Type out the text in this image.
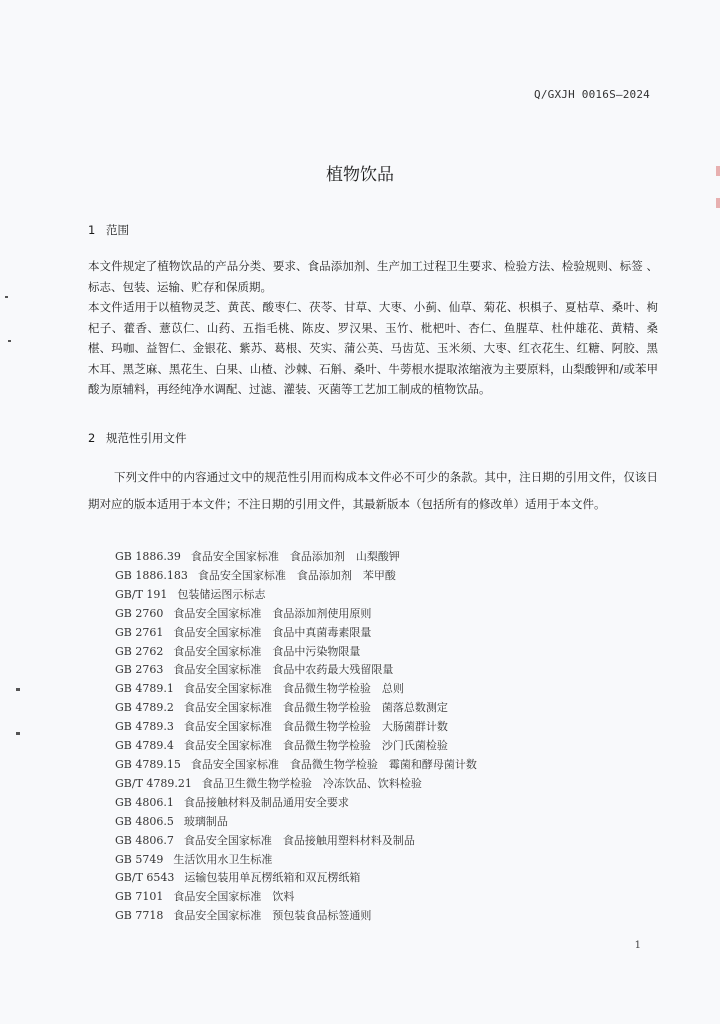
Q/GXJH 0016S—2024
植物饮品
1 范围

本文件规定了植物饮品的产品分类、要求、食品添加剂、生产加工过程卫生要求、检验方法、检验规则、标签 、标志、包装、运输、贮存和保质期。

本文件适用于以植物灵芝、黄芪、酸枣仁、茯苓、甘草、大枣、小蓟、仙草、菊花、枳椇子、夏枯草、桑叶、枸杞子、藿香、薏苡仁、山药、五指毛桃、陈皮、罗汉果、玉竹、枇杷叶、杏仁、鱼腥草、杜仲雄花、黄精、桑椹、玛咖、益智仁、金银花、紫苏、葛根、芡实、蒲公英、马齿苋、玉米须、大枣、红衣花生、红糖、阿胶、黑木耳、黑芝麻、黑花生、白果、山楂、沙棘、石斛、桑叶、牛蒡根水提取浓缩液为主要原料，山梨酸钾和/或苯甲酸为原辅料，再经纯净水调配、过滤、灌装、灭菌等工艺加工制成的植物饮品。

2 规范性引用文件

下列文件中的内容通过文中的规范性引用而构成本文件必不可少的条款。其中，注日期的引用文件，仅该日期对应的版本适用于本文件；不注日期的引用文件，其最新版本（包括所有的修改单）适用于本文件。

GB 1886.39 食品安全国家标准　食品添加剂　山梨酸钾
GB 1886.183 食品安全国家标准　食品添加剂　苯甲酸
GB/T 191 包装储运图示标志
GB 2760 食品安全国家标准　食品添加剂使用原则
GB 2761 食品安全国家标准　食品中真菌毒素限量
GB 2762 食品安全国家标准　食品中污染物限量
GB 2763 食品安全国家标准　食品中农药最大残留限量
GB 4789.1 食品安全国家标准　食品微生物学检验　总则
GB 4789.2 食品安全国家标准　食品微生物学检验　菌落总数测定
GB 4789.3 食品安全国家标准　食品微生物学检验　大肠菌群计数
GB 4789.4 食品安全国家标准　食品微生物学检验　沙门氏菌检验
GB 4789.15 食品安全国家标准　食品微生物学检验　霉菌和酵母菌计数
GB/T 4789.21 食品卫生微生物学检验　冷冻饮品、饮料检验
GB 4806.1 食品接触材料及制品通用安全要求
GB 4806.5 玻璃制品
GB 4806.7 食品安全国家标准　食品接触用塑料材料及制品
GB 5749 生活饮用水卫生标准
GB/T 6543 运输包装用单瓦楞纸箱和双瓦楞纸箱
GB 7101 食品安全国家标准　饮料
GB 7718 食品安全国家标准　预包装食品标签通则
1
